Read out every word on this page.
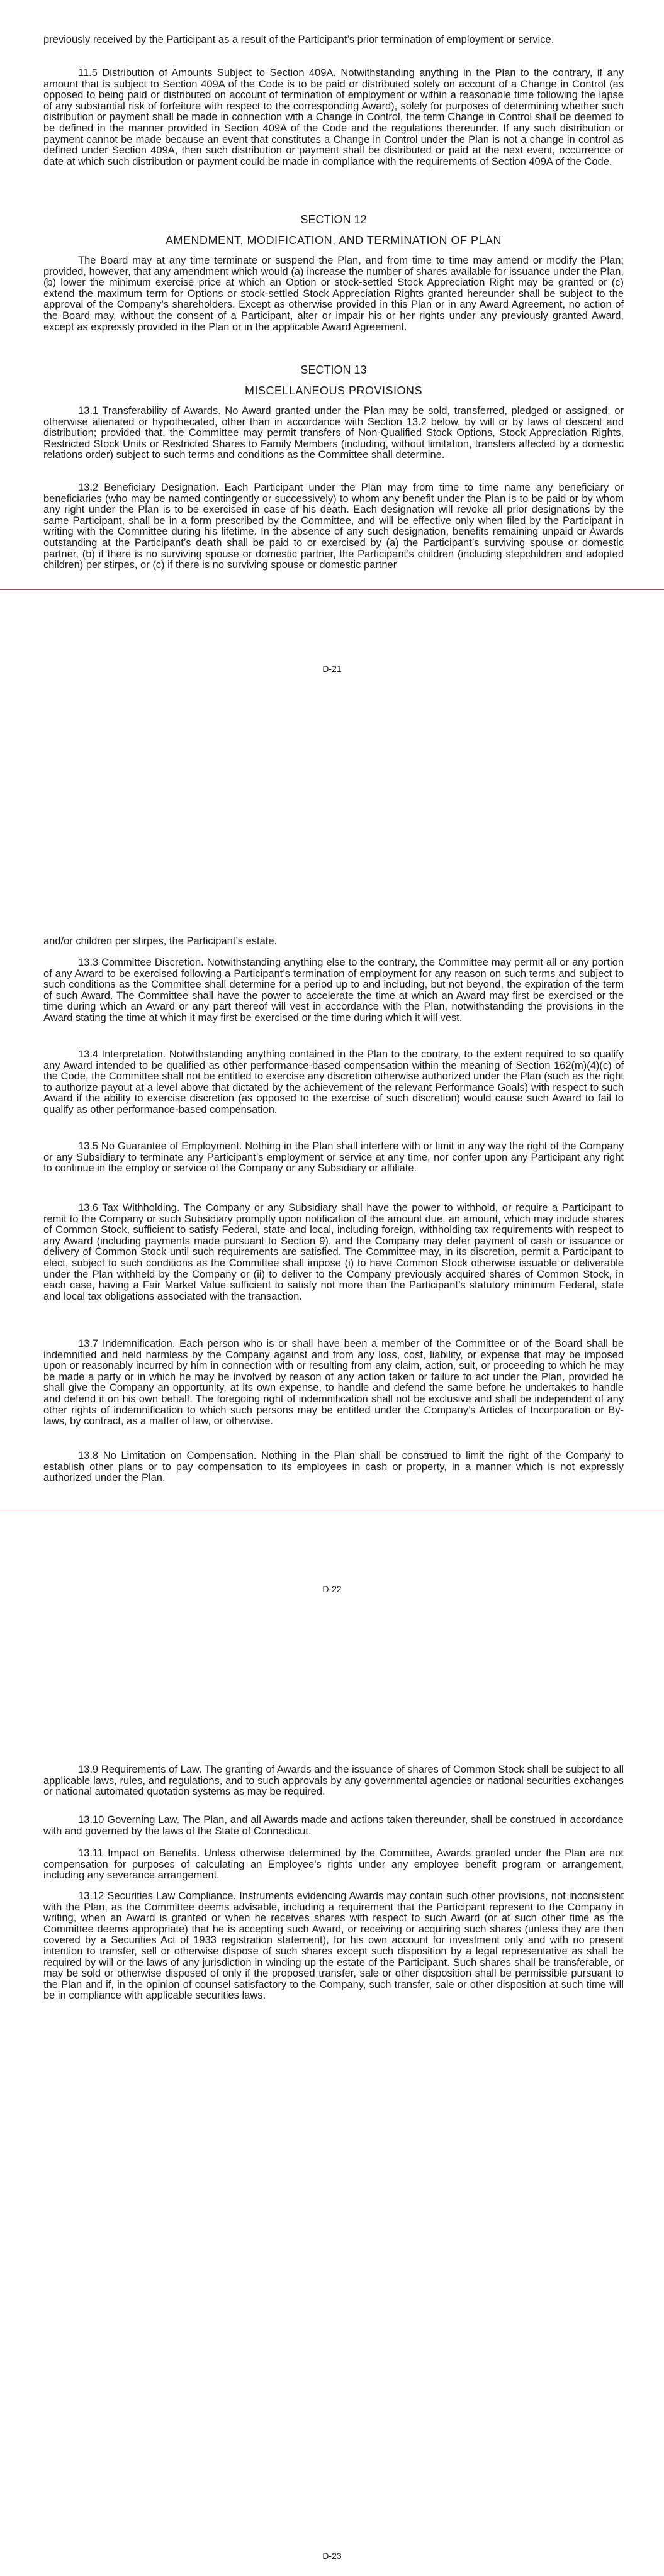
previously received by the Participant as a result of the Participant’s prior termination of employment or service.

11.5 Distribution of Amounts Subject to Section 409A. Notwithstanding anything in the Plan to the contrary, if any amount that is subject to Section 409A of the Code is to be paid or distributed solely on account of a Change in Control (as opposed to being paid or distributed on account of termination of employment or within a reasonable time following the lapse of any substantial risk of forfeiture with respect to the corresponding Award), solely for purposes of determining whether such distribution or payment shall be made in connection with a Change in Control, the term Change in Control shall be deemed to be defined in the manner provided in Section 409A of the Code and the regulations thereunder. If any such distribution or payment cannot be made because an event that constitutes a Change in Control under the Plan is not a change in control as defined under Section 409A, then such distribution or payment shall be distributed or paid at the next event, occurrence or date at which such distribution or payment could be made in compliance with the requirements of Section 409A of the Code.

SECTION 12

AMENDMENT, MODIFICATION, AND TERMINATION OF PLAN

The Board may at any time terminate or suspend the Plan, and from time to time may amend or modify the Plan; provided, however, that any amendment which would (a) increase the number of shares available for issuance under the Plan, (b) lower the minimum exercise price at which an Option or stock-settled Stock Appreciation Right may be granted or (c) extend the maximum term for Options or stock-settled Stock Appreciation Rights granted hereunder shall be subject to the approval of the Company’s shareholders. Except as otherwise provided in this Plan or in any Award Agreement, no action of the Board may, without the consent of a Participant, alter or impair his or her rights under any previously granted Award, except as expressly provided in the Plan or in the applicable Award Agreement.

SECTION 13

MISCELLANEOUS PROVISIONS

13.1 Transferability of Awards. No Award granted under the Plan may be sold, transferred, pledged or assigned, or otherwise alienated or hypothecated, other than in accordance with Section 13.2 below, by will or by laws of descent and distribution; provided that, the Committee may permit transfers of Non-Qualified Stock Options, Stock Appreciation Rights, Restricted Stock Units or Restricted Shares to Family Members (including, without limitation, transfers affected by a domestic relations order) subject to such terms and conditions as the Committee shall determine.

13.2 Beneficiary Designation. Each Participant under the Plan may from time to time name any beneficiary or beneficiaries (who may be named contingently or successively) to whom any benefit under the Plan is to be paid or by whom any right under the Plan is to be exercised in case of his death. Each designation will revoke all prior designations by the same Participant, shall be in a form prescribed by the Committee, and will be effective only when filed by the Participant in writing with the Committee during his lifetime. In the absence of any such designation, benefits remaining unpaid or Awards outstanding at the Participant’s death shall be paid to or exercised by (a) the Participant’s surviving spouse or domestic partner, (b) if there is no surviving spouse or domestic partner, the Participant’s children (including stepchildren and adopted children) per stirpes, or (c) if there is no surviving spouse or domestic partner

D-21

and/or children per stirpes, the Participant’s estate.

13.3 Committee Discretion. Notwithstanding anything else to the contrary, the Committee may permit all or any portion of any Award to be exercised following a Participant’s termination of employment for any reason on such terms and subject to such conditions as the Committee shall determine for a period up to and including, but not beyond, the expiration of the term of such Award. The Committee shall have the power to accelerate the time at which an Award may first be exercised or the time during which an Award or any part thereof will vest in accordance with the Plan, notwithstanding the provisions in the Award stating the time at which it may first be exercised or the time during which it will vest.

13.4 Interpretation. Notwithstanding anything contained in the Plan to the contrary, to the extent required to so qualify any Award intended to be qualified as other performance-based compensation within the meaning of Section 162(m)(4)(c) of the Code, the Committee shall not be entitled to exercise any discretion otherwise authorized under the Plan (such as the right to authorize payout at a level above that dictated by the achievement of the relevant Performance Goals) with respect to such Award if the ability to exercise discretion (as opposed to the exercise of such discretion) would cause such Award to fail to qualify as other performance-based compensation.

13.5 No Guarantee of Employment. Nothing in the Plan shall interfere with or limit in any way the right of the Company or any Subsidiary to terminate any Participant’s employment or service at any time, nor confer upon any Participant any right to continue in the employ or service of the Company or any Subsidiary or affiliate.

13.6 Tax Withholding. The Company or any Subsidiary shall have the power to withhold, or require a Participant to remit to the Company or such Subsidiary promptly upon notification of the amount due, an amount, which may include shares of Common Stock, sufficient to satisfy Federal, state and local, including foreign, withholding tax requirements with respect to any Award (including payments made pursuant to Section 9), and the Company may defer payment of cash or issuance or delivery of Common Stock until such requirements are satisfied. The Committee may, in its discretion, permit a Participant to elect, subject to such conditions as the Committee shall impose (i) to have Common Stock otherwise issuable or deliverable under the Plan withheld by the Company or (ii) to deliver to the Company previously acquired shares of Common Stock, in each case, having a Fair Market Value sufficient to satisfy not more than the Participant’s statutory minimum Federal, state and local tax obligations associated with the transaction.

13.7 Indemnification. Each person who is or shall have been a member of the Committee or of the Board shall be indemnified and held harmless by the Company against and from any loss, cost, liability, or expense that may be imposed upon or reasonably incurred by him in connection with or resulting from any claim, action, suit, or proceeding to which he may be made a party or in which he may be involved by reason of any action taken or failure to act under the Plan, provided he shall give the Company an opportunity, at its own expense, to handle and defend the same before he undertakes to handle and defend it on his own behalf. The foregoing right of indemnification shall not be exclusive and shall be independent of any other rights of indemnification to which such persons may be entitled under the Company’s Articles of Incorporation or By-laws, by contract, as a matter of law, or otherwise.

13.8 No Limitation on Compensation. Nothing in the Plan shall be construed to limit the right of the Company to establish other plans or to pay compensation to its employees in cash or property, in a manner which is not expressly authorized under the Plan.

D-22

13.9 Requirements of Law. The granting of Awards and the issuance of shares of Common Stock shall be subject to all applicable laws, rules, and regulations, and to such approvals by any governmental agencies or national securities exchanges or national automated quotation systems as may be required.

13.10 Governing Law. The Plan, and all Awards made and actions taken thereunder, shall be construed in accordance with and governed by the laws of the State of Connecticut.

13.11 Impact on Benefits. Unless otherwise determined by the Committee, Awards granted under the Plan are not compensation for purposes of calculating an Employee’s rights under any employee benefit program or arrangement, including any severance arrangement.

13.12 Securities Law Compliance. Instruments evidencing Awards may contain such other provisions, not inconsistent with the Plan, as the Committee deems advisable, including a requirement that the Participant represent to the Company in writing, when an Award is granted or when he receives shares with respect to such Award (or at such other time as the Committee deems appropriate) that he is accepting such Award, or receiving or acquiring such shares (unless they are then covered by a Securities Act of 1933 registration statement), for his own account for investment only and with no present intention to transfer, sell or otherwise dispose of such shares except such disposition by a legal representative as shall be required by will or the laws of any jurisdiction in winding up the estate of the Participant. Such shares shall be transferable, or may be sold or otherwise disposed of only if the proposed transfer, sale or other disposition shall be permissible pursuant to the Plan and if, in the opinion of counsel satisfactory to the Company, such transfer, sale or other disposition at such time will be in compliance with applicable securities laws.

D-23
